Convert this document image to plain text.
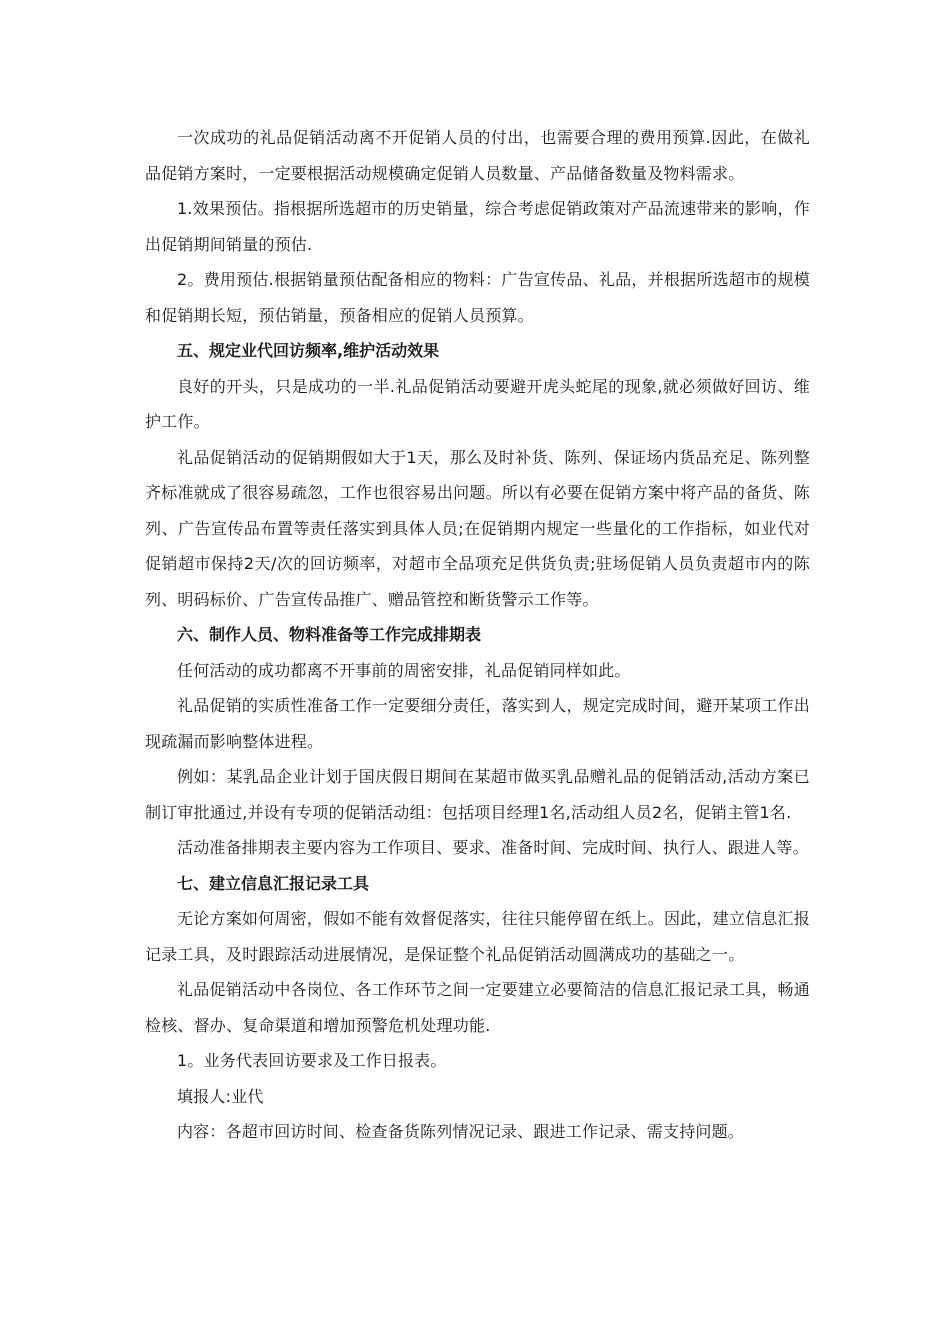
一次成功的礼品促销活动离不开促销人员的付出，也需要合理的费用预算.因此，在做礼品促销方案时，一定要根据活动规模确定促销人员数量、产品储备数量及物料需求。

1.效果预估。指根据所选超市的历史销量，综合考虑促销政策对产品流速带来的影响，作出促销期间销量的预估.

2。费用预估.根据销量预估配备相应的物料：广告宣传品、礼品，并根据所选超市的规模和促销期长短，预估销量，预备相应的促销人员预算。

五、规定业代回访频率,维护活动效果

良好的开头，只是成功的一半.礼品促销活动要避开虎头蛇尾的现象,就必须做好回访、维护工作。

礼品促销活动的促销期假如大于1天，那么及时补货、陈列、保证场内货品充足、陈列整齐标准就成了很容易疏忽，工作也很容易出问题。所以有必要在促销方案中将产品的备货、陈列、广告宣传品布置等责任落实到具体人员;在促销期内规定一些量化的工作指标，如业代对促销超市保持2天/次的回访频率，对超市全品项充足供货负责;驻场促销人员负责超市内的陈列、明码标价、广告宣传品推广、赠品管控和断货警示工作等。

六、制作人员、物料准备等工作完成排期表

任何活动的成功都离不开事前的周密安排，礼品促销同样如此。

礼品促销的实质性准备工作一定要细分责任，落实到人，规定完成时间，避开某项工作出现疏漏而影响整体进程。

例如：某乳品企业计划于国庆假日期间在某超市做买乳品赠礼品的促销活动,活动方案已制订审批通过,并设有专项的促销活动组：包括项目经理1名,活动组人员2名，促销主管1名.

活动准备排期表主要内容为工作项目、要求、准备时间、完成时间、执行人、跟进人等。

七、建立信息汇报记录工具

无论方案如何周密，假如不能有效督促落实，往往只能停留在纸上。因此，建立信息汇报记录工具，及时跟踪活动进展情况，是保证整个礼品促销活动圆满成功的基础之一。

礼品促销活动中各岗位、各工作环节之间一定要建立必要简洁的信息汇报记录工具，畅通检核、督办、复命渠道和增加预警危机处理功能.

1。业务代表回访要求及工作日报表。

填报人:业代

内容：各超市回访时间、检查备货陈列情况记录、跟进工作记录、需支持问题。
